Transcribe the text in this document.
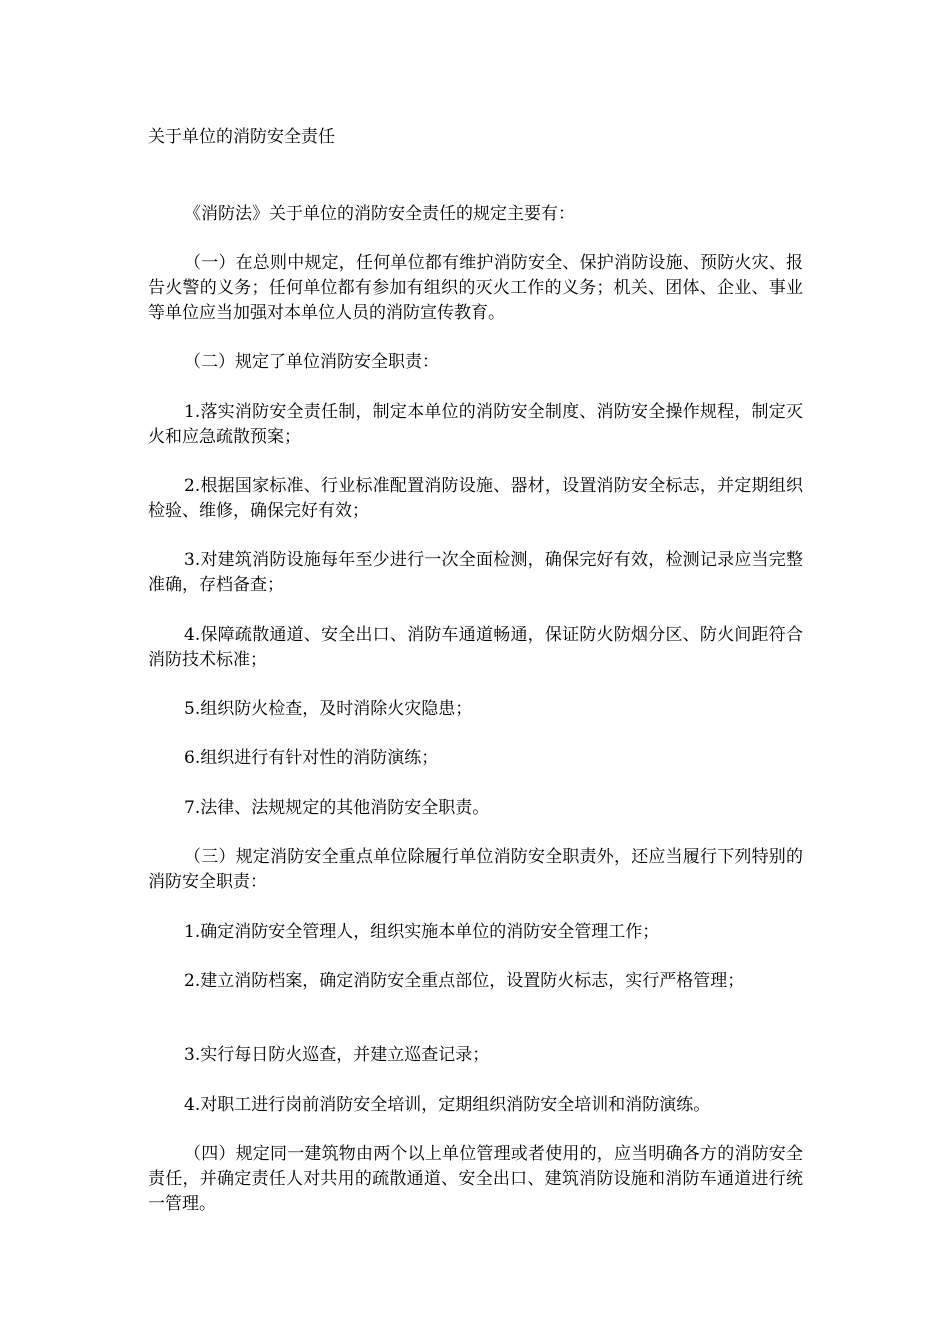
关于单位的消防安全责任

《消防法》关于单位的消防安全责任的规定主要有：

（一）在总则中规定，任何单位都有维护消防安全、保护消防设施、预防火灾、报告火警的义务；任何单位都有参加有组织的灭火工作的义务；机关、团体、企业、事业等单位应当加强对本单位人员的消防宣传教育。

（二）规定了单位消防安全职责：

1.落实消防安全责任制，制定本单位的消防安全制度、消防安全操作规程，制定灭火和应急疏散预案；

2.根据国家标准、行业标准配置消防设施、器材，设置消防安全标志，并定期组织检验、维修，确保完好有效；

3.对建筑消防设施每年至少进行一次全面检测，确保完好有效，检测记录应当完整准确，存档备查；

4.保障疏散通道、安全出口、消防车通道畅通，保证防火防烟分区、防火间距符合消防技术标准；

5.组织防火检查，及时消除火灾隐患；

6.组织进行有针对性的消防演练；

7.法律、法规规定的其他消防安全职责。

（三）规定消防安全重点单位除履行单位消防安全职责外，还应当履行下列特别的消防安全职责：

1.确定消防安全管理人，组织实施本单位的消防安全管理工作；

2.建立消防档案，确定消防安全重点部位，设置防火标志，实行严格管理；

3.实行每日防火巡查，并建立巡查记录；

4.对职工进行岗前消防安全培训，定期组织消防安全培训和消防演练。

（四）规定同一建筑物由两个以上单位管理或者使用的，应当明确各方的消防安全责任，并确定责任人对共用的疏散通道、安全出口、建筑消防设施和消防车通道进行统一管理。
